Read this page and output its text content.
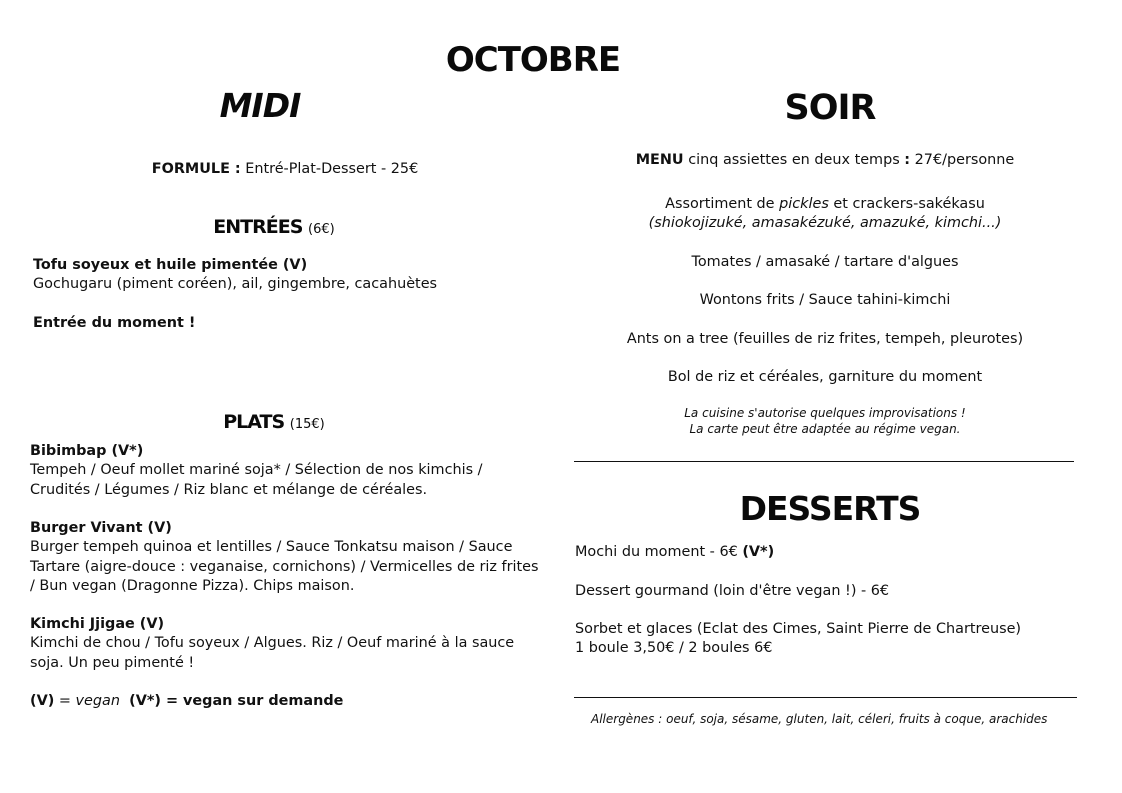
OCTOBRE
MIDI
FORMULE : Entré-Plat-Dessert - 25€
ENTRÉES (6€)
Tofu soyeux et huile pimentée (V)
Gochugaru (piment coréen), ail, gingembre, cacahuètes
Entrée du moment !
PLATS (15€)
Bibimbap (V*)
Tempeh / Oeuf mollet mariné soja* / Sélection de nos kimchis /
Crudités / Légumes / Riz blanc et mélange de céréales.
Burger Vivant (V)
Burger tempeh quinoa et lentilles / Sauce Tonkatsu maison / Sauce
Tartare (aigre-douce : veganaise, cornichons) / Vermicelles de riz frites
/ Bun vegan (Dragonne Pizza). Chips maison.
Kimchi Jjigae (V)
Kimchi de chou / Tofu soyeux / Algues. Riz / Oeuf mariné à la sauce
soja. Un peu pimenté !
(V) = vegan (V*) = vegan sur demande
SOIR
MENU cinq assiettes en deux temps : 27€/personne
Assortiment de pickles et crackers-sakékasu
(shiokojizuké, amasakézuké, amazuké, kimchi...)
Tomates / amasaké / tartare d'algues
Wontons frits / Sauce tahini-kimchi
Ants on a tree (feuilles de riz frites, tempeh, pleurotes)
Bol de riz et céréales, garniture du moment
La cuisine s'autorise quelques improvisations !
La carte peut être adaptée au régime vegan.
DESSERTS
Mochi du moment - 6€ (V*)
Dessert gourmand (loin d'être vegan !) - 6€
Sorbet et glaces (Eclat des Cimes, Saint Pierre de Chartreuse)
1 boule 3,50€ / 2 boules 6€
Allergènes : oeuf, soja, sésame, gluten, lait, céleri, fruits à coque, arachides
